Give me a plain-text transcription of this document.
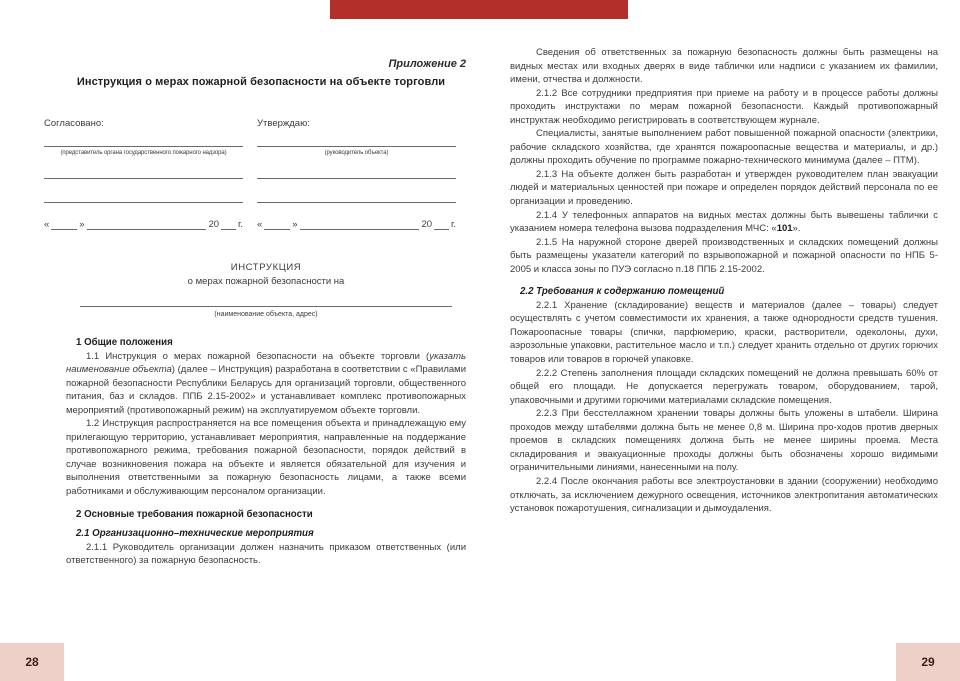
Приложение 2
Инструкция о мерах пожарной безопасности на объекте торговли
Согласовано:
(представитель органа государственного пожарного надзора)
«	»	20 г.
Утверждаю:
(руководитель объекта)
«	»	20 г.
ИНСТРУКЦИЯ
о мерах пожарной безопасности на
(наименование объекта, адрес)

1 Общие положения

1.1 Инструкция о мерах пожарной безопасности на объекте торговли (указать наименование объекта) (далее – Инструкция) разработана в соответствии с «Правилами пожарной безопасности Республики Беларусь для организаций торговли, общественного питания, баз и складов. ППБ 2.15-2002» и устанавливает комплекс противопожарных мероприятий (противопожарный режим) на эксплуатируемом объекте торговли.

1.2 Инструкция распространяется на все помещения объекта и принадлежащую ему прилегающую территорию, устанавливает мероприятия, направленные на поддержание противопожарного режима, требования пожарной безопасности, порядок действий в случае возникновения пожара на объекте и является обязательной для изучения и выполнения ответственными за пожарную безопасность лицами, а также всеми работниками и обслуживающим персоналом организации.

2 Основные требования пожарной безопасности

2.1 Организационно–технические мероприятия

2.1.1 Руководитель организации должен назначить приказом ответственных (или ответственного) за пожарную безопасность.

28

Сведения об ответственных за пожарную безопасность должны быть размещены на видных местах или входных дверях в виде таблички или надписи с указанием их фамилии, имени, отчества и должности.

2.1.2 Все сотрудники предприятия при приеме на работу и в процессе работы должны проходить инструктажи по мерам пожарной безопасности. Каждый противопожарный инструктаж необходимо регистрировать в соответствующем журнале.

Специалисты, занятые выполнением работ повышенной пожарной опасности (электрики, рабочие складского хозяйства, где хранятся пожароопасные вещества и материалы, и др.) должны проходить обучение по программе пожарно-технического минимума (далее – ПТМ).

2.1.3 На объекте должен быть разработан и утвержден руководителем план эвакуации людей и материальных ценностей при пожаре и определен порядок действий персонала по ее организации и проведению.

2.1.4 У телефонных аппаратов на видных местах должны быть вывешены таблички с указанием номера телефона вызова подразделения МЧС: «101».

2.1.5 На наружной стороне дверей производственных и складских помещений должны быть размещены указатели категорий по взрывопожарной и пожарной опасности по НПБ 5-2005 и класса зоны по ПУЭ согласно п.18 ППБ 2.15-2002.

2.2 Требования к содержанию помещений

2.2.1 Хранение (складирование) веществ и материалов (далее – товары) следует осуществлять с учетом совместимости их хранения, а также однородности средств тушения. Пожароопасные товары (спички, парфюмерию, краски, растворители, одеколоны, духи, аэрозольные упаковки, растительное масло и т.п.) следует хранить отдельно от других горючих товаров или товаров в горючей упаковке.

2.2.2 Степень заполнения площади складских помещений не должна превышать 60% от общей его площади. Не допускается перегружать товаром, оборудованием, тарой, упаковочными и другими горючими материалами складские помещения.

2.2.3 При бесстеллажном хранении товары должны быть уложены в штабели. Ширина проходов между штабелями должна быть не менее 0,8 м. Ширина про-ходов против дверных проемов в складских помещениях должна быть не менее ширины проема. Места складирования и эвакуационные проходы должны быть обозначены хорошо видимыми ограничительными линиями, нанесенными на полу.

2.2.4 После окончания работы все электроустановки в здании (сооружении) необходимо отключать, за исключением дежурного освещения, источников электропитания автоматических установок пожаротушения, сигнализации и дымоудаления.

29
